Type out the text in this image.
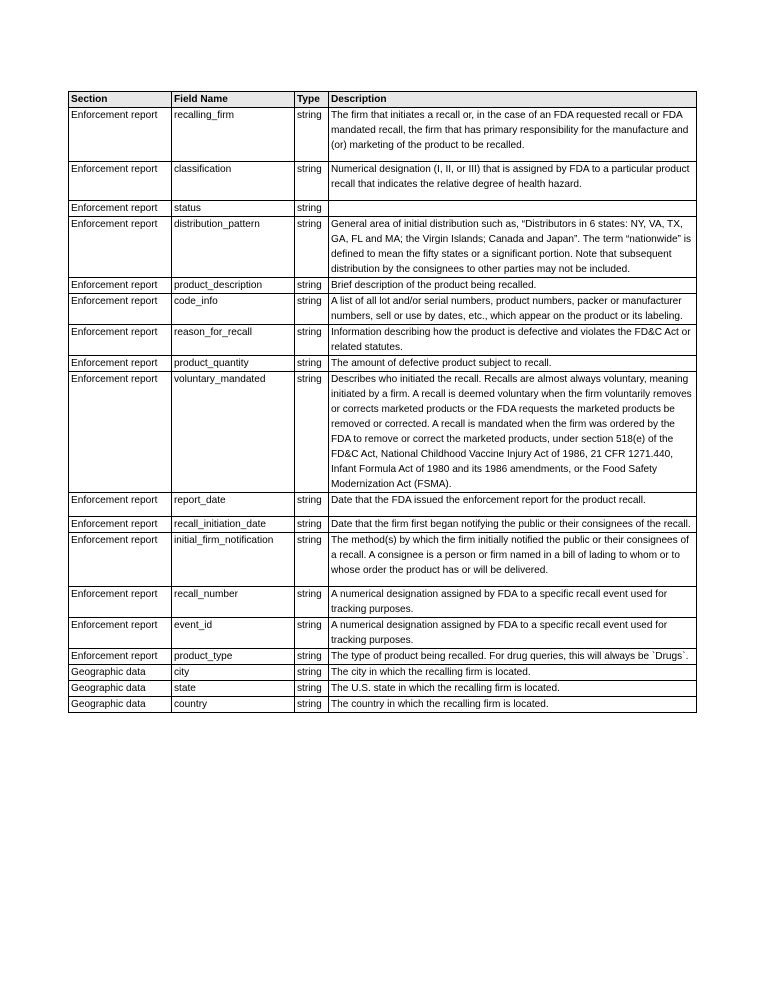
Section	Field Name	Type	Description
Enforcement report	recalling_firm	string	The firm that initiates a recall or, in the case of an FDA requested recall or FDA mandated recall, the firm that has primary responsibility for the manufacture and (or) marketing of the product to be recalled.
Enforcement report	classification	string	Numerical designation (I, II, or III) that is assigned by FDA to a particular product recall that indicates the relative degree of health hazard.
Enforcement report	status	string	
Enforcement report	distribution_pattern	string	General area of initial distribution such as, “Distributors in 6 states: NY, VA, TX, GA, FL and MA; the Virgin Islands; Canada and Japan”. The term “nationwide” is defined to mean the fifty states or a significant portion. Note that subsequent distribution by the consignees to other parties may not be included.
Enforcement report	product_description	string	Brief description of the product being recalled.
Enforcement report	code_info	string	A list of all lot and/or serial numbers, product numbers, packer or manufacturer numbers, sell or use by dates, etc., which appear on the product or its labeling.
Enforcement report	reason_for_recall	string	Information describing how the product is defective and violates the FD&C Act or related statutes.
Enforcement report	product_quantity	string	The amount of defective product subject to recall.
Enforcement report	voluntary_mandated	string	Describes who initiated the recall. Recalls are almost always voluntary, meaning initiated by a firm. A recall is deemed voluntary when the firm voluntarily removes or corrects marketed products or the FDA requests the marketed products be removed or corrected. A recall is mandated when the firm was ordered by the FDA to remove or correct the marketed products, under section 518(e) of the FD&C Act, National Childhood Vaccine Injury Act of 1986, 21 CFR 1271.440, Infant Formula Act of 1980 and its 1986 amendments, or the Food Safety Modernization Act (FSMA).
Enforcement report	report_date	string	Date that the FDA issued the enforcement report for the product recall.
Enforcement report	recall_initiation_date	string	Date that the firm first began notifying the public or their consignees of the recall.
Enforcement report	initial_firm_notification	string	The method(s) by which the firm initially notified the public or their consignees of a recall. A consignee is a person or firm named in a bill of lading to whom or to whose order the product has or will be delivered.
Enforcement report	recall_number	string	A numerical designation assigned by FDA to a specific recall event used for tracking purposes.
Enforcement report	event_id	string	A numerical designation assigned by FDA to a specific recall event used for tracking purposes.
Enforcement report	product_type	string	The type of product being recalled. For drug queries, this will always be `Drugs`.
Geographic data	city	string	The city in which the recalling firm is located.
Geographic data	state	string	The U.S. state in which the recalling firm is located.
Geographic data	country	string	The country in which the recalling firm is located.
